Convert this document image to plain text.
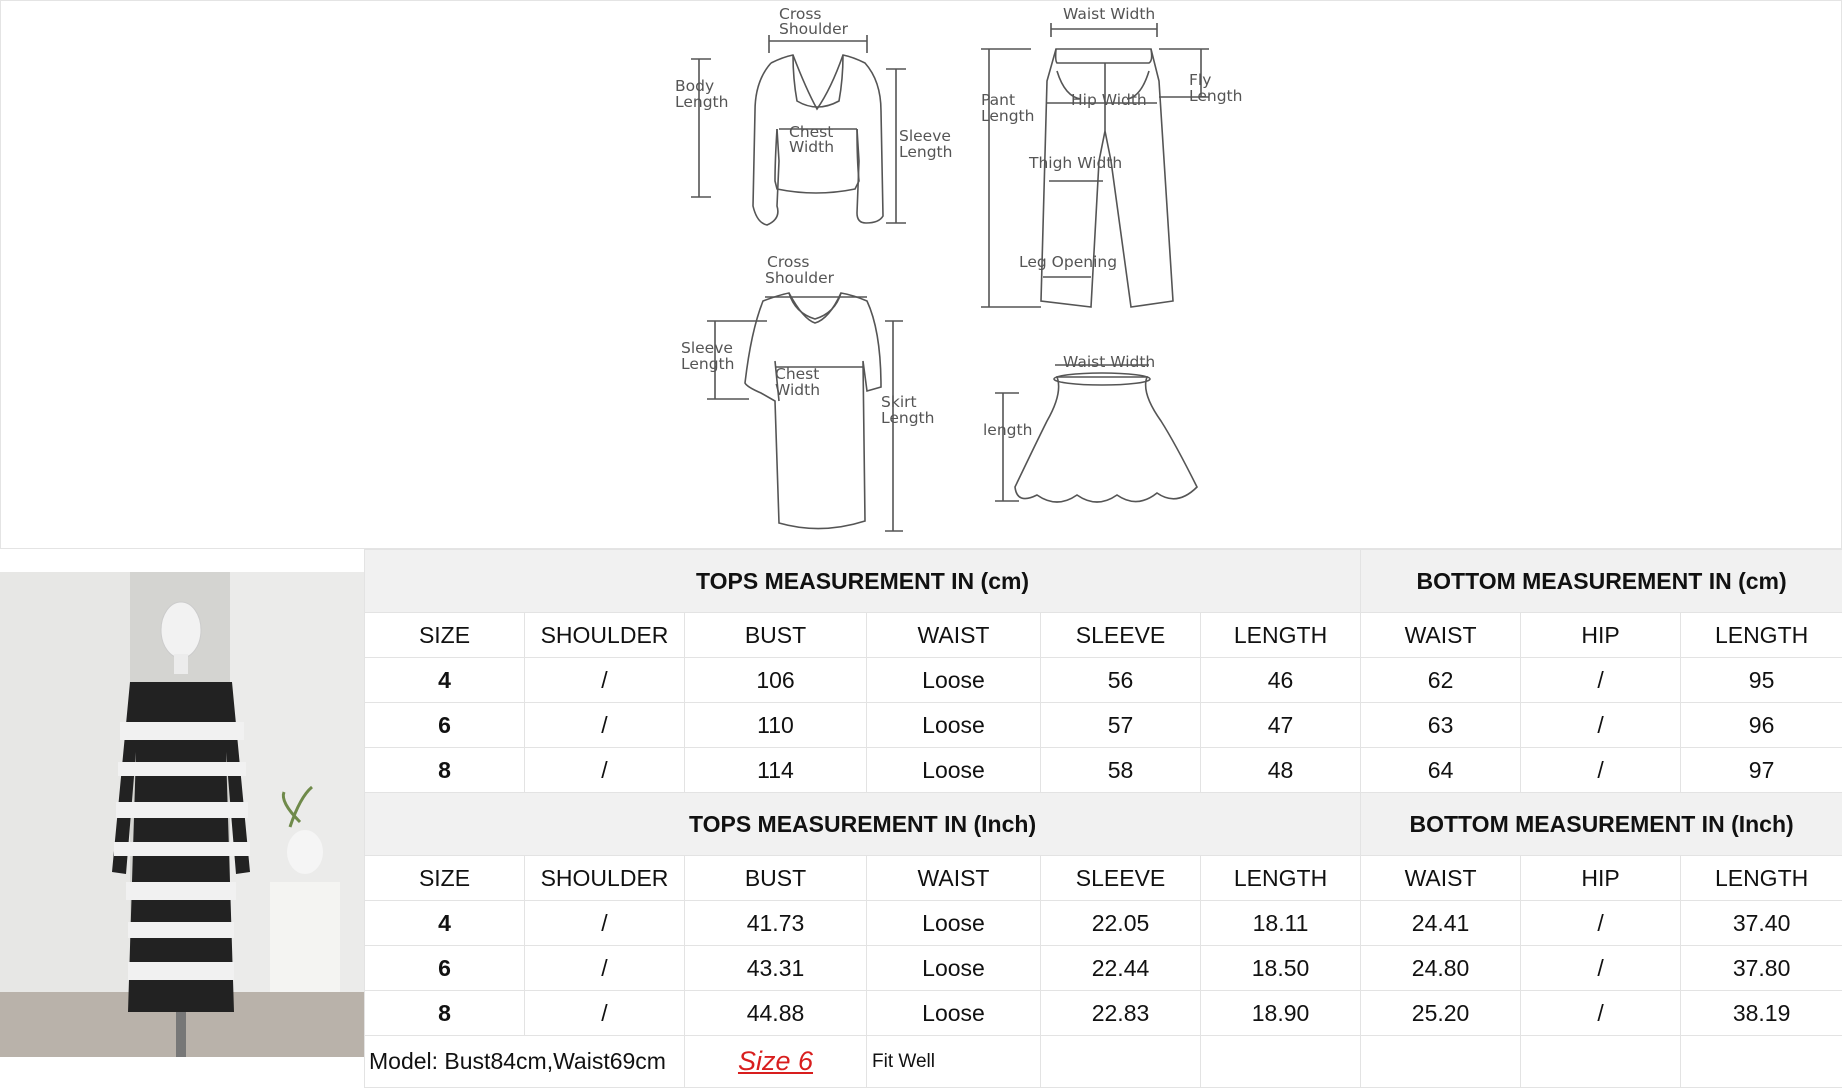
Cross Shoulder
Body Length
Chest Width
Sleeve Length
Waist Width
Pant Length
Fly Length
Hip Width
Thigh Width
Leg Opening
Cross Shoulder
Sleeve Length
Chest Width
Skirt Length
Waist Width
length
TOPS MEASUREMENT IN (cm)						BOTTOM MEASUREMENT IN (cm)		
SIZE	SHOULDER	BUST	WAIST	SLEEVE	LENGTH	WAIST	HIP	LENGTH
4	/	106	Loose	56	46	62	/	95
6	/	110	Loose	57	47	63	/	96
8	/	114	Loose	58	48	64	/	97
TOPS MEASUREMENT IN (Inch)						BOTTOM MEASUREMENT IN (Inch)		
SIZE	SHOULDER	BUST	WAIST	SLEEVE	LENGTH	WAIST	HIP	LENGTH
4	/	41.73	Loose	22.05	18.11	24.41	/	37.40
6	/	43.31	Loose	22.44	18.50	24.80	/	37.80
8	/	44.88	Loose	22.83	18.90	25.20	/	38.19
Model: Bust84cm,Waist69cm		Size 6	Fit Well					
